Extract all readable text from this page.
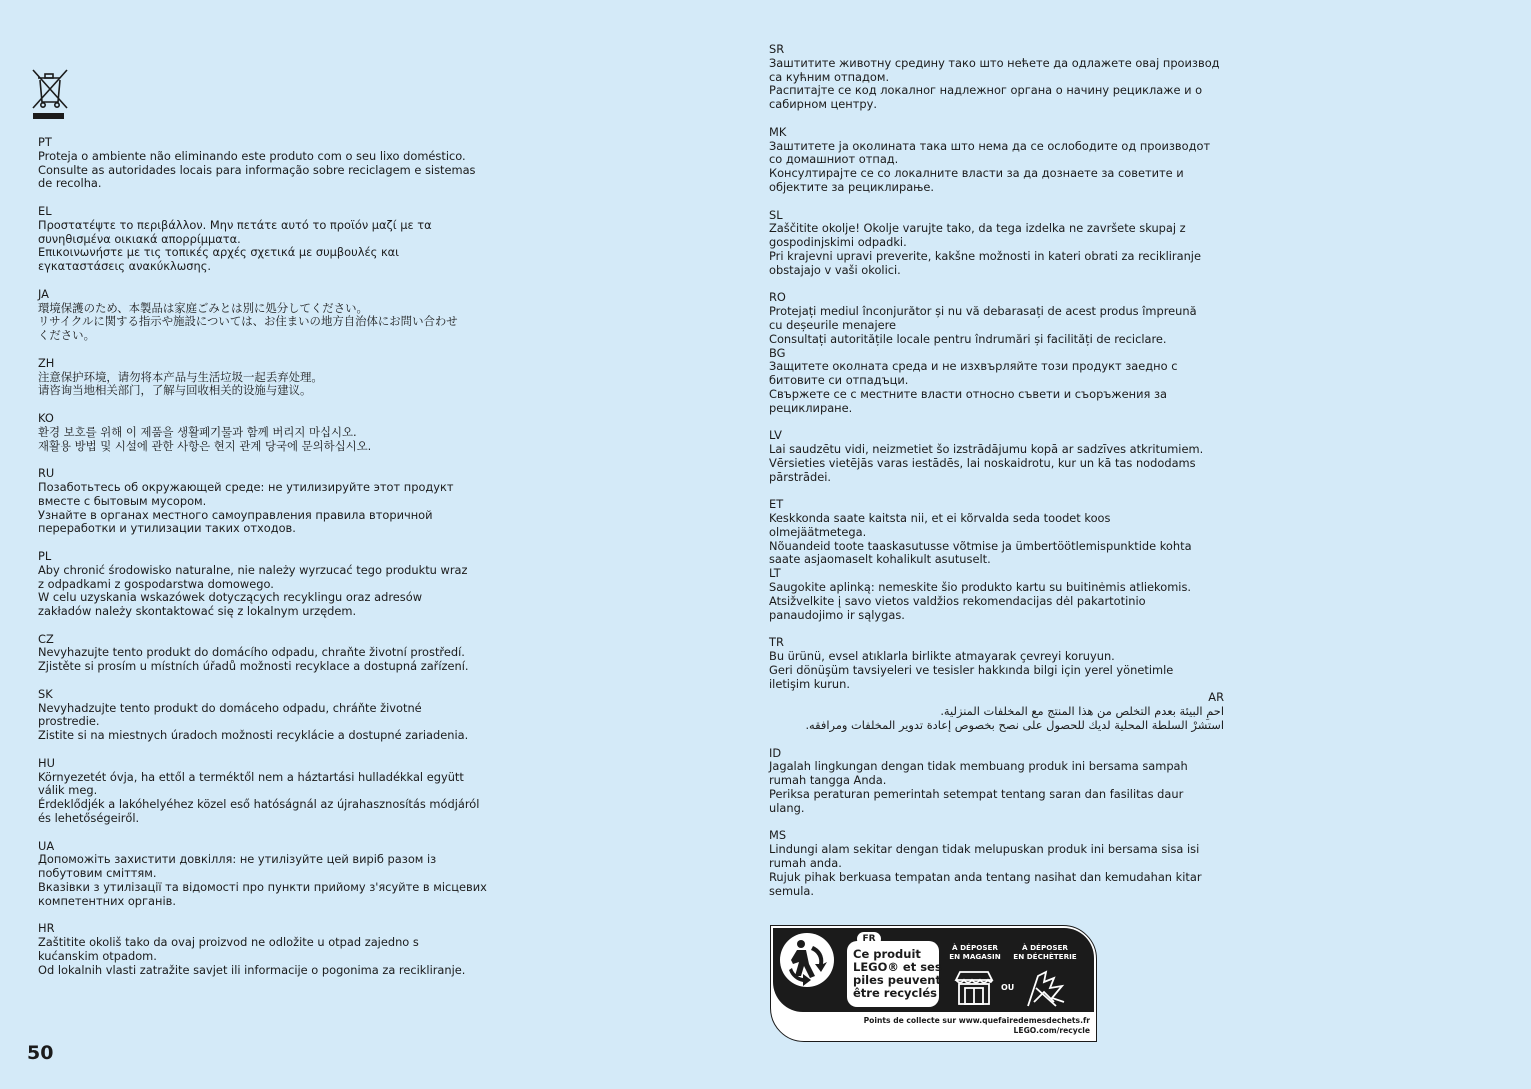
PT

Proteja o ambiente não eliminando este produto com o seu lixo doméstico.

Consulte as autoridades locais para informação sobre reciclagem e sistemas

de recolha.

EL

Προστατέψτε το περιβάλλον. Μην πετάτε αυτό το προϊόν μαζί με τα

συνηθισμένα οικιακά απορρίμματα.

Επικοινωνήστε με τις τοπικές αρχές σχετικά με συμβουλές και

εγκαταστάσεις ανακύκλωσης.

JA

環境保護のため、本製品は家庭ごみとは別に処分してください。

リサイクルに関する指示や施設については、お住まいの地方自治体にお問い合わせ

ください。

ZH

注意保护环境，请勿将本产品与生活垃圾一起丢弃处理。

请咨询当地相关部门，了解与回收相关的设施与建议。

KO

환경 보호를 위해 이 제품을 생활폐기물과 함께 버리지 마십시오.

재활용 방법 및 시설에 관한 사항은 현지 관계 당국에 문의하십시오.

RU

Позаботьтесь об окружающей среде: не утилизируйте этот продукт

вместе с бытовым мусором.

Узнайте в органах местного самоуправления правила вторичной

переработки и утилизации таких отходов.

PL

Aby chronić środowisko naturalne, nie należy wyrzucać tego produktu wraz

z odpadkami z gospodarstwa domowego.

W celu uzyskania wskazówek dotyczących recyklingu oraz adresów

zakładów należy skontaktować się z lokalnym urzędem.

CZ

Nevyhazujte tento produkt do domácího odpadu, chraňte životní prostředí.

Zjistěte si prosím u místních úřadů možnosti recyklace a dostupná zařízení.

SK

Nevyhadzujte tento produkt do domáceho odpadu, chráňte životné

prostredie.

Zistite si na miestnych úradoch možnosti recyklácie a dostupné zariadenia.

HU

Környezetét óvja, ha ettől a terméktől nem a háztartási hulladékkal együtt

válik meg.

Érdeklődjék a lakóhelyéhez közel eső hatóságnál az újrahasznosítás módjáról

és lehetőségeiről.

UA

Допоможіть захистити довкілля: не утилізуйте цей виріб разом із

побутовим сміттям.

Вказівки з утилізації та відомості про пункти прийому з'ясуйте в місцевих

компетентних органів.

HR

Zaštitite okoliš tako da ovaj proizvod ne odložite u otpad zajedno s

kućanskim otpadom.

Od lokalnih vlasti zatražite savjet ili informacije o pogonima za recikliranje.

SR

Заштитите животну средину тако што нећете да одлажете овај производ

са кућним отпадом.

Распитајте се код локалног надлежног органа о начину рециклаже и о

сабирном центру.

MK

Заштитете ја околината така што нема да се ослободите од производот

со домашниот отпад.

Консултирајте се со локалните власти за да дознаете за советите и

објектите за рециклирање.

SL

Zaščitite okolje! Okolje varujte tako, da tega izdelka ne završete skupaj z

gospodinjskimi odpadki.

Pri krajevni upravi preverite, kakšne možnosti in kateri obrati za recikliranje

obstajajo v vaši okolici.

RO

Protejați mediul înconjurător și nu vă debarasați de acest produs împreună

cu deșeurile menajere

Consultați autoritățile locale pentru îndrumări și facilități de reciclare.

BG

Защитете околната среда и не изхвърляйте този продукт заедно с

битовите си отпадъци.

Свържете се с местните власти относно съвети и съоръжения за

рециклиране.

LV

Lai saudzētu vidi, neizmetiet šo izstrādājumu kopā ar sadzīves atkritumiem.

Vērsieties vietējās varas iestādēs, lai noskaidrotu, kur un kā tas nododams

pārstrādei.

ET

Keskkonda saate kaitsta nii, et ei kõrvalda seda toodet koos

olmejäätmetega.

Nõuandeid toote taaskasutusse võtmise ja ümbertöötlemispunktide kohta

saate asjaomaselt kohalikult asutuselt.

LT

Saugokite aplinką: nemeskite šio produkto kartu su buitinėmis atliekomis.

Atsižvelkite į savo vietos valdžios rekomendacijas dėl pakartotinio

panaudojimo ir sąlygas.

TR

Bu ürünü, evsel atıklarla birlikte atmayarak çevreyi koruyun.

Geri dönüşüm tavsiyeleri ve tesisler hakkında bilgi için yerel yönetimle

iletişim kurun.

AR

احمِ البيئة بعدم التخلص من هذا المنتج مع المخلفات المنزلية.

استشرْ السلطة المحلية لديك للحصول على نصح بخصوص إعادة تدوير المخلفات ومرافقه.

ID

Jagalah lingkungan dengan tidak membuang produk ini bersama sampah

rumah tangga Anda.

Periksa peraturan pemerintah setempat tentang saran dan fasilitas daur

ulang.

MS

Lindungi alam sekitar dengan tidak melupuskan produk ini bersama sisa isi

rumah anda.

Rujuk pihak berkuasa tempatan anda tentang nasihat dan kemudahan kitar

semula.

Ce produit
LEGO® et ses
piles peuvent
être recyclés
FR
À DÉPOSER
EN MAGASIN
À DÉPOSER
EN DÉCHÈTERIE
OU
Points de collecte sur www.quefairedemesdechets.fr
LEGO.com/recycle
50
